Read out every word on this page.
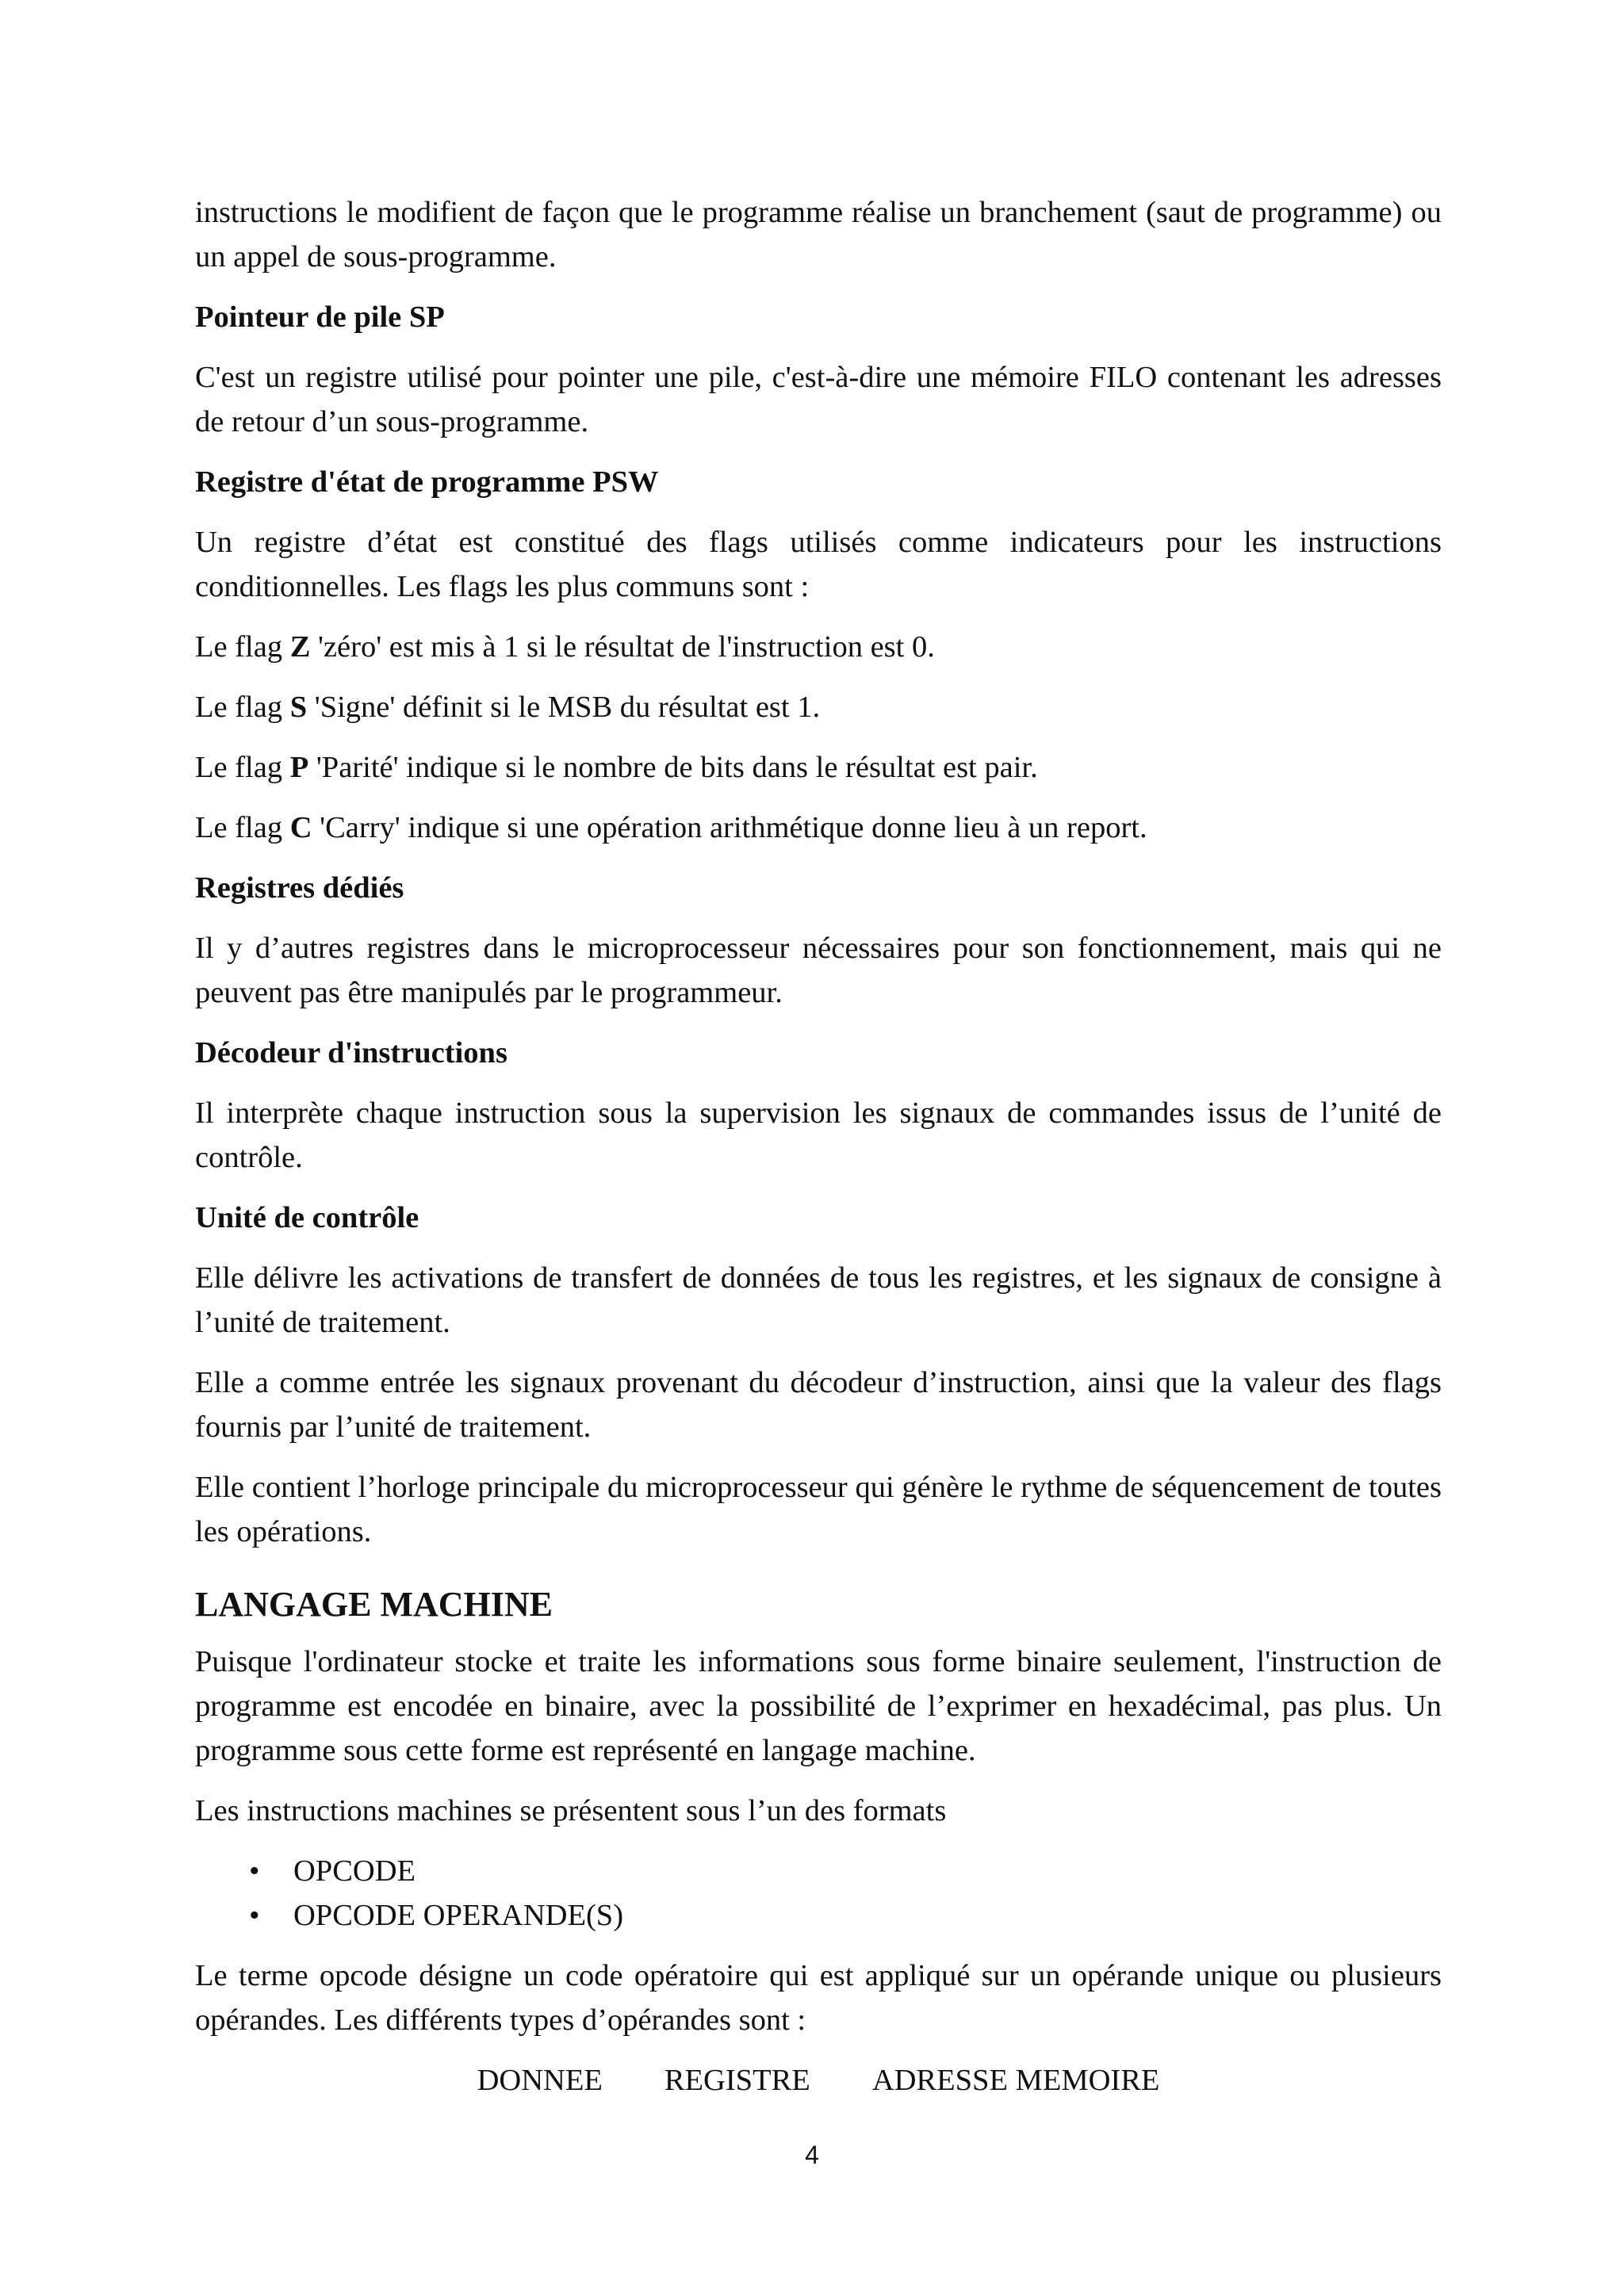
instructions le modifient de façon que le programme réalise un branchement (saut de programme) ou un appel de sous-programme.

Pointeur de pile SP

C'est un registre utilisé pour pointer une pile, c'est-à-dire une mémoire FILO contenant les adresses de retour d’un sous-programme.

Registre d'état de programme PSW

Un registre d’état est constitué des flags utilisés comme indicateurs pour les instructions conditionnelles. Les flags les plus communs sont :

Le flag Z 'zéro' est mis à 1 si le résultat de l'instruction est 0.

Le flag S 'Signe' définit si le MSB du résultat est 1.

Le flag P 'Parité' indique si le nombre de bits dans le résultat est pair.

Le flag C 'Carry' indique si une opération arithmétique donne lieu à un report.

Registres dédiés

Il y d’autres registres dans le microprocesseur nécessaires pour son fonctionnement, mais qui ne peuvent pas être manipulés par le programmeur.

Décodeur d'instructions

Il interprète chaque instruction sous la supervision les signaux de commandes issus de l’unité de contrôle.

Unité de contrôle

Elle délivre les activations de transfert de données de tous les registres, et les signaux de consigne à l’unité de traitement.

Elle a comme entrée les signaux provenant du décodeur d’instruction, ainsi que la valeur des flags fournis par l’unité de traitement.

Elle contient l’horloge principale du microprocesseur qui génère le rythme de séquencement de toutes les opérations.

LANGAGE MACHINE

Puisque l'ordinateur stocke et traite les informations sous forme binaire seulement, l'instruction de programme est encodée en binaire, avec la possibilité de l’exprimer en hexadécimal, pas plus. Un programme sous cette forme est représenté en langage machine.

Les instructions machines se présentent sous l’un des formats

• OPCODE
• OPCODE OPERANDE(S)

Le terme opcode désigne un code opératoire qui est appliqué sur un opérande unique ou plusieurs opérandes. Les différents types d’opérandes sont :

DONNEE REGISTRE ADRESSE MEMOIRE
4
